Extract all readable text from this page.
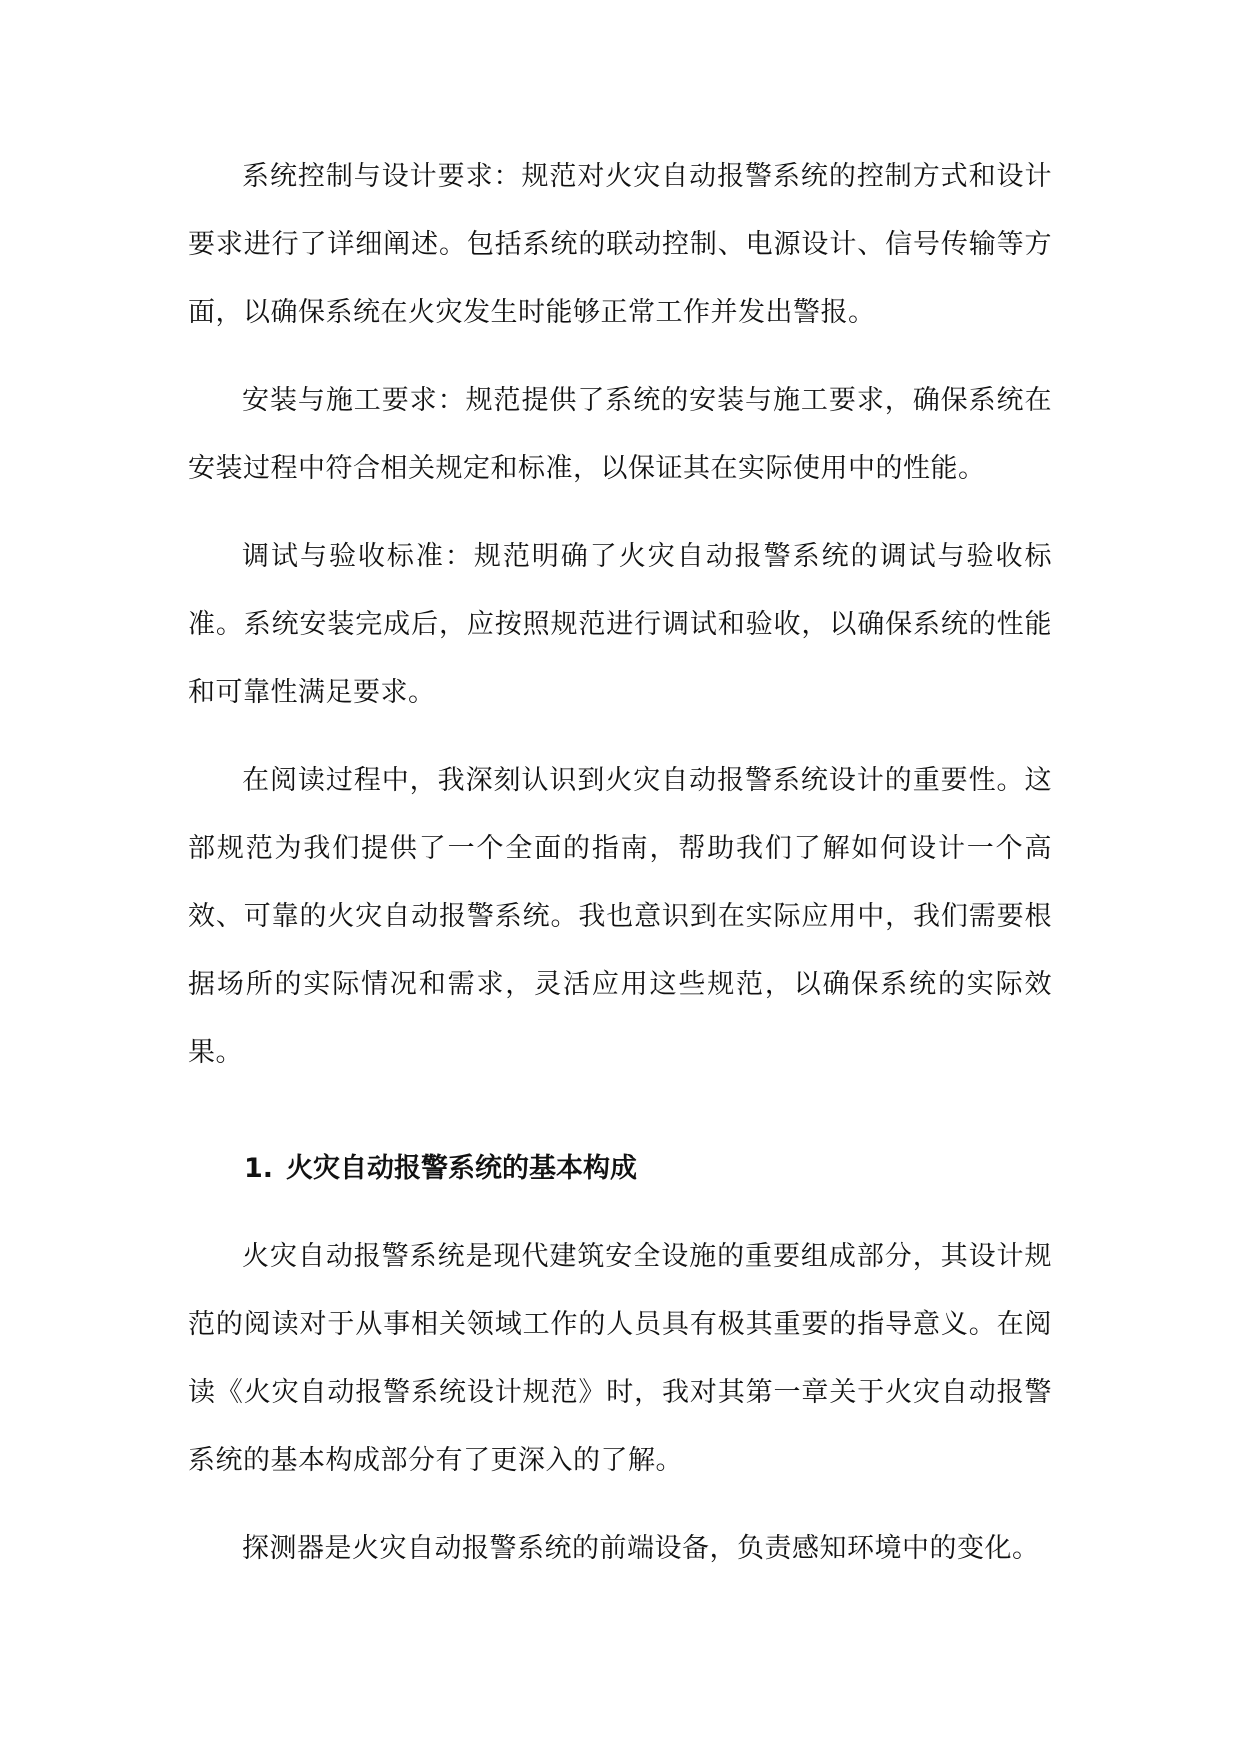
系统控制与设计要求：规范对火灾自动报警系统的控制方式和设计要求进行了详细阐述。包括系统的联动控制、电源设计、信号传输等方面，以确保系统在火灾发生时能够正常工作并发出警报。

安装与施工要求：规范提供了系统的安装与施工要求，确保系统在安装过程中符合相关规定和标准，以保证其在实际使用中的性能。

调试与验收标准：规范明确了火灾自动报警系统的调试与验收标准。系统安装完成后，应按照规范进行调试和验收，以确保系统的性能和可靠性满足要求。

在阅读过程中，我深刻认识到火灾自动报警系统设计的重要性。这部规范为我们提供了一个全面的指南，帮助我们了解如何设计一个高效、可靠的火灾自动报警系统。我也意识到在实际应用中，我们需要根据场所的实际情况和需求，灵活应用这些规范，以确保系统的实际效果。

1. 火灾自动报警系统的基本构成

火灾自动报警系统是现代建筑安全设施的重要组成部分，其设计规范的阅读对于从事相关领域工作的人员具有极其重要的指导意义。在阅读《火灾自动报警系统设计规范》时，我对其第一章关于火灾自动报警系统的基本构成部分有了更深入的了解。

探测器是火灾自动报警系统的前端设备，负责感知环境中的变化。
